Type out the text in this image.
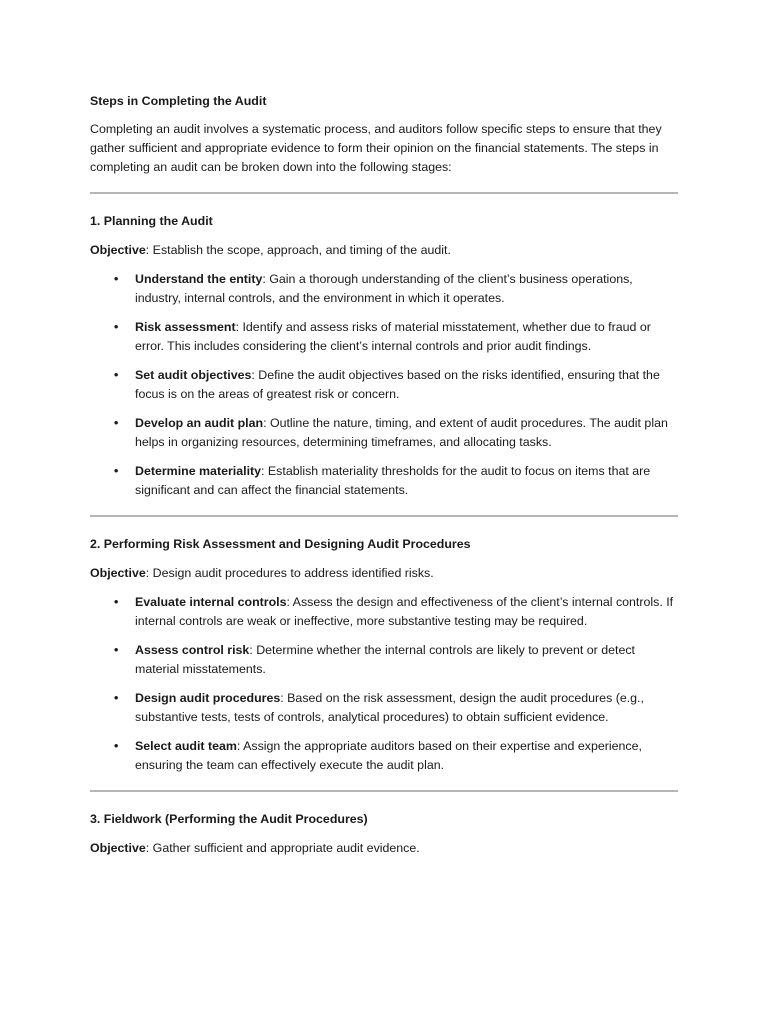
Steps in Completing the Audit

Completing an audit involves a systematic process, and auditors follow specific steps to ensure that they gather sufficient and appropriate evidence to form their opinion on the financial statements. The steps in completing an audit can be broken down into the following stages:

1. Planning the Audit

Objective: Establish the scope, approach, and timing of the audit.

• Understand the entity: Gain a thorough understanding of the client’s business operations, industry, internal controls, and the environment in which it operates.
• Risk assessment: Identify and assess risks of material misstatement, whether due to fraud or error. This includes considering the client’s internal controls and prior audit findings.
• Set audit objectives: Define the audit objectives based on the risks identified, ensuring that the focus is on the areas of greatest risk or concern.
• Develop an audit plan: Outline the nature, timing, and extent of audit procedures. The audit plan helps in organizing resources, determining timeframes, and allocating tasks.
• Determine materiality: Establish materiality thresholds for the audit to focus on items that are significant and can affect the financial statements.

2. Performing Risk Assessment and Designing Audit Procedures

Objective: Design audit procedures to address identified risks.

• Evaluate internal controls: Assess the design and effectiveness of the client’s internal controls. If internal controls are weak or ineffective, more substantive testing may be required.
• Assess control risk: Determine whether the internal controls are likely to prevent or detect material misstatements.
• Design audit procedures: Based on the risk assessment, design the audit procedures (e.g., substantive tests, tests of controls, analytical procedures) to obtain sufficient evidence.
• Select audit team: Assign the appropriate auditors based on their expertise and experience, ensuring the team can effectively execute the audit plan.

3. Fieldwork (Performing the Audit Procedures)

Objective: Gather sufficient and appropriate audit evidence.
